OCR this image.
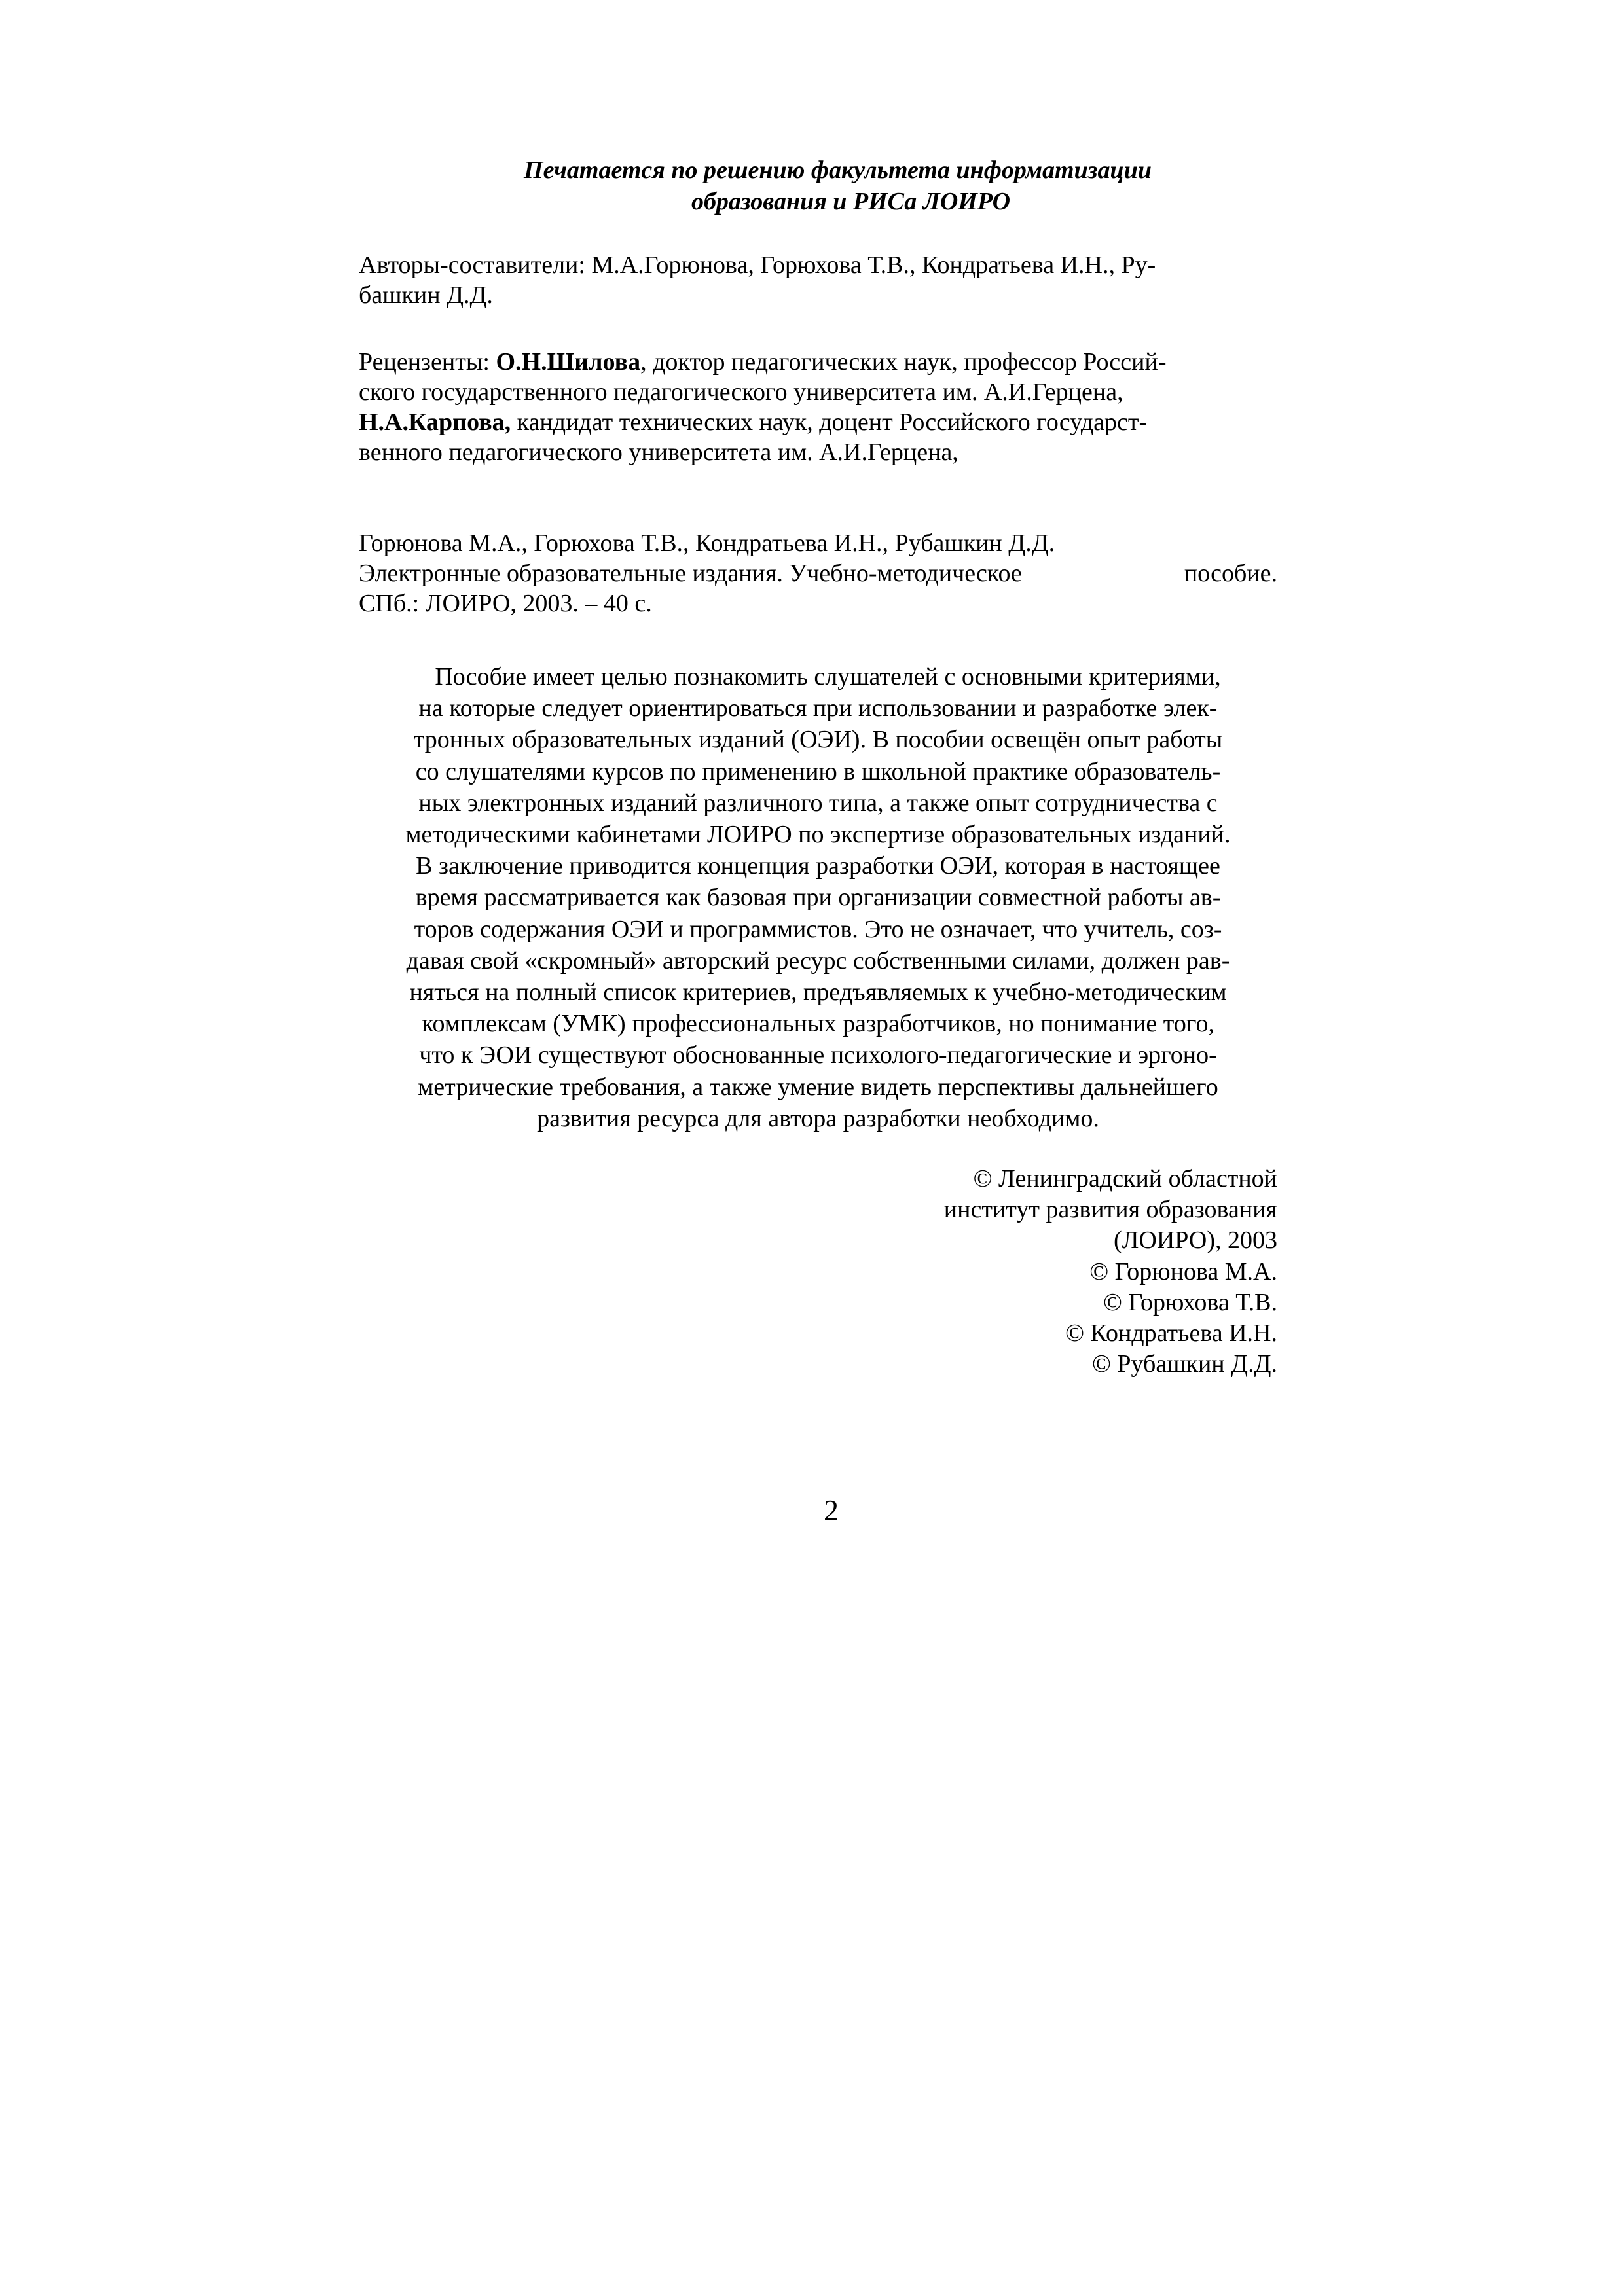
Печатается по решению факультета информатизации
образования и РИСа ЛОИРО
Авторы-составители: М.А.Горюнова, Горюхова Т.В., Кондратьева И.Н., Ру-
башкин Д.Д.
Рецензенты: О.Н.Шилова, доктор педагогических наук, профессор Россий-
ского государственного педагогического университета им. А.И.Герцена,
Н.А.Карпова, кандидат технических наук, доцент Российского государст-
венного педагогического университета им. А.И.Герцена,
Горюнова М.А., Горюхова Т.В., Кондратьева И.Н., Рубашкин Д.Д.
Электронные образовательные издания. Учебно-методическое	пособие.
СПб.: ЛОИРО, 2003. – 40 с.
Пособие имеет целью познакомить слушателей с основными критериями,
на которые следует ориентироваться при использовании и разработке элек-
тронных образовательных изданий (ОЭИ). В пособии освещён опыт работы
со слушателями курсов по применению в школьной практике образователь-
ных электронных изданий различного типа, а также опыт сотрудничества с
методическими кабинетами ЛОИРО по экспертизе образовательных изданий.
В заключение приводится концепция разработки ОЭИ, которая в настоящее
время рассматривается как базовая при организации совместной работы ав-
торов содержания ОЭИ и программистов. Это не означает, что учитель, соз-
давая свой «скромный» авторский ресурс собственными силами, должен рав-
няться на полный список критериев, предъявляемых к учебно-методическим
комплексам (УМК) профессиональных разработчиков, но понимание того,
что к ЭОИ существуют обоснованные психолого-педагогические и эргоно-
метрические требования, а также умение видеть перспективы дальнейшего
развития ресурса для автора разработки необходимо.
© Ленинградский областной
институт развития образования
(ЛОИРО), 2003
© Горюнова М.А.
© Горюхова Т.В.
© Кондратьева И.Н.
© Рубашкин Д.Д.
2
